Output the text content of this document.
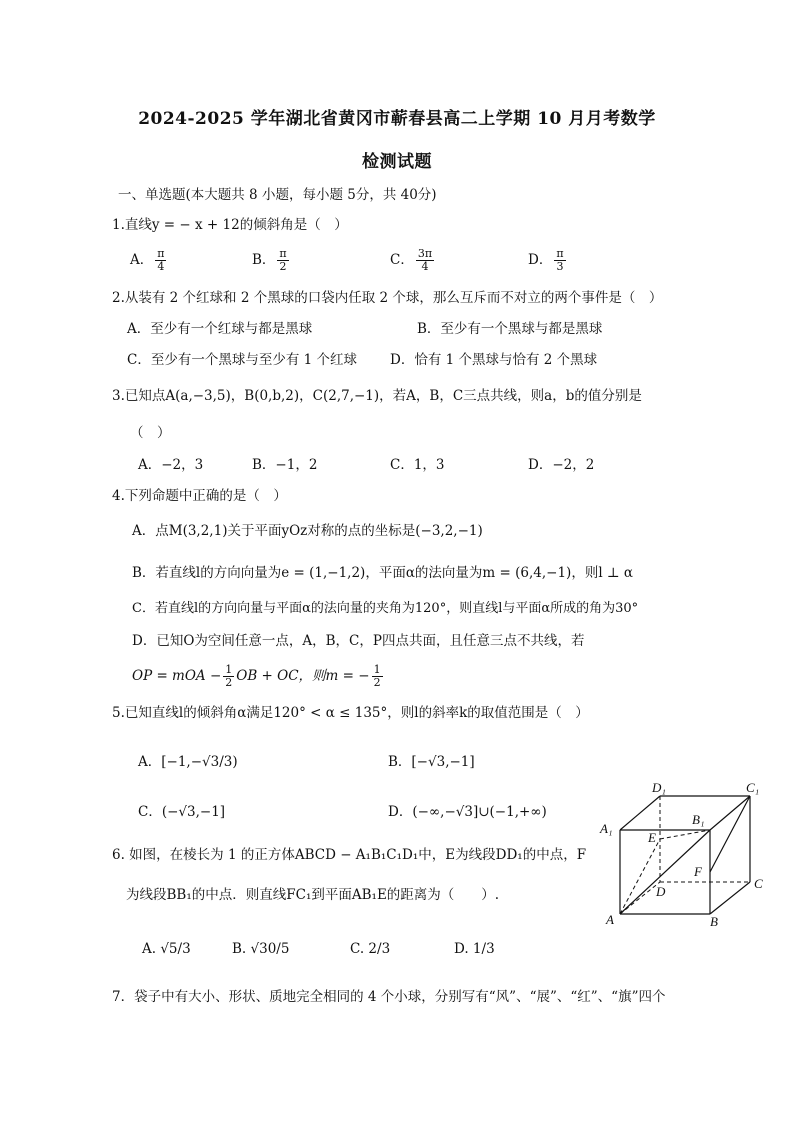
2024-2025 学年湖北省黄冈市蕲春县高二上学期 10 月月考数学
检测试题
一、单选题(本大题共 8 小题，每小题 5分，共 40分)
1.直线y = − x + 12的倾斜角是（　）
A． $\frac{\pi}{4}$	B． $\frac{\pi}{2}$	C． $\frac{3\pi}{4}$	D． $\frac{\pi}{3}$
2.从装有 2 个红球和 2 个黑球的口袋内任取 2 个球，那么互斥而不对立的两个事件是（　）
A．至少有一个红球与都是黑球	B．至少有一个黑球与都是黑球
C．至少有一个黑球与至少有 1 个红球 D．恰有 1 个黑球与恰有 2 个黑球
3.已知点A(a,−3,5)，B(0,b,2)，C(2,7,−1)，若A，B，C三点共线，则a，b的值分别是
（　）
A．−2，3	B．−1，2	C．1，3	D．−2，2
4.下列命题中正确的是（　）
A．点M(3,2,1)关于平面yOz对称的点的坐标是(−3,2,−1)
B．若直线l的方向向量为e = (1,−1,2)，平面α的法向量为m = (6,4,−1)，则l ⊥ α
C．若直线l的方向向量与平面α的法向量的夹角为120°，则直线l与平面α所成的角为30°
D．已知O为空间任意一点，A，B，C，P四点共面，且任意三点不共线，若
OP = mOA − $\frac{1}{2}$ OB + OC，则m = − $\frac{1}{2}$
5.已知直线l的倾斜角α满足120° < α ≤ 135°，则l的斜率k的取值范围是（　）
A．[−1,−√3/3)	B．[−√3,−1]
C．(−√3,−1]	D．(−∞,−√3]∪(−1,+∞)
6. 如图，在棱长为 1 的正方体ABCD − A₁B₁C₁D₁中，E为线段DD₁的中点，F
为线段BB₁的中点．则直线FC₁到平面AB₁E的距离为（　　）.
A. √5/3	B. √30/5	C. 2/3	D. 1/3
7．袋子中有大小、形状、质地完全相同的 4 个小球，分别写有“风”、“展”、“红”、“旗”四个
D₁	C₁
A₁
B₁
E
F
D
C
A	B
